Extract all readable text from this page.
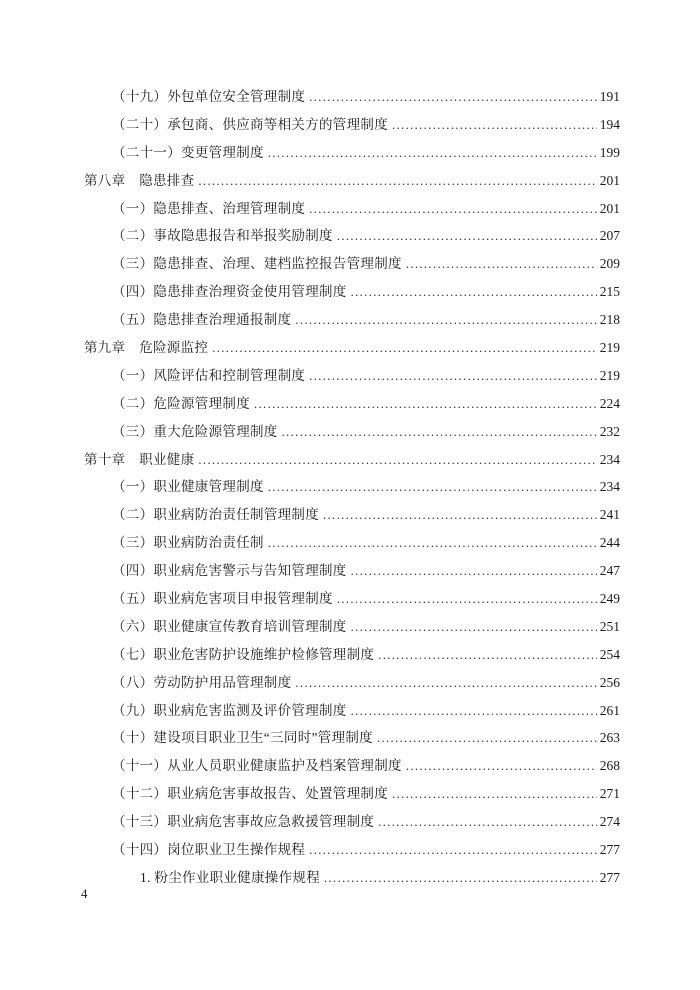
（十九）外包单位安全管理制度 .....	191
（二十）承包商、供应商等相关方的管理制度 .....	194
（二十一）变更管理制度 .....	199
第八章　隐患排查 .....	201
（一）隐患排查、治理管理制度 .....	201
（二）事故隐患报告和举报奖励制度 .....	207
（三）隐患排查、治理、建档监控报告管理制度 .....	209
（四）隐患排查治理资金使用管理制度 .....	215
（五）隐患排查治理通报制度 .....	218
第九章　危险源监控 .....	219
（一）风险评估和控制管理制度 .....	219
（二）危险源管理制度 .....	224
（三）重大危险源管理制度 .....	232
第十章　职业健康 .....	234
（一）职业健康管理制度 .....	234
（二）职业病防治责任制管理制度 .....	241
（三）职业病防治责任制 .....	244
（四）职业病危害警示与告知管理制度 .....	247
（五）职业病危害项目申报管理制度 .....	249
（六）职业健康宣传教育培训管理制度 .....	251
（七）职业危害防护设施维护检修管理制度 .....	254
（八）劳动防护用品管理制度 .....	256
（九）职业病危害监测及评价管理制度 .....	261
（十）建设项目职业卫生“三同时”管理制度 .....	263
（十一）从业人员职业健康监护及档案管理制度 .....	268
（十二）职业病危害事故报告、处置管理制度 .....	271
（十三）职业病危害事故应急救援管理制度 .....	274
（十四）岗位职业卫生操作规程 .....	277
1. 粉尘作业职业健康操作规程 .....	277
4
